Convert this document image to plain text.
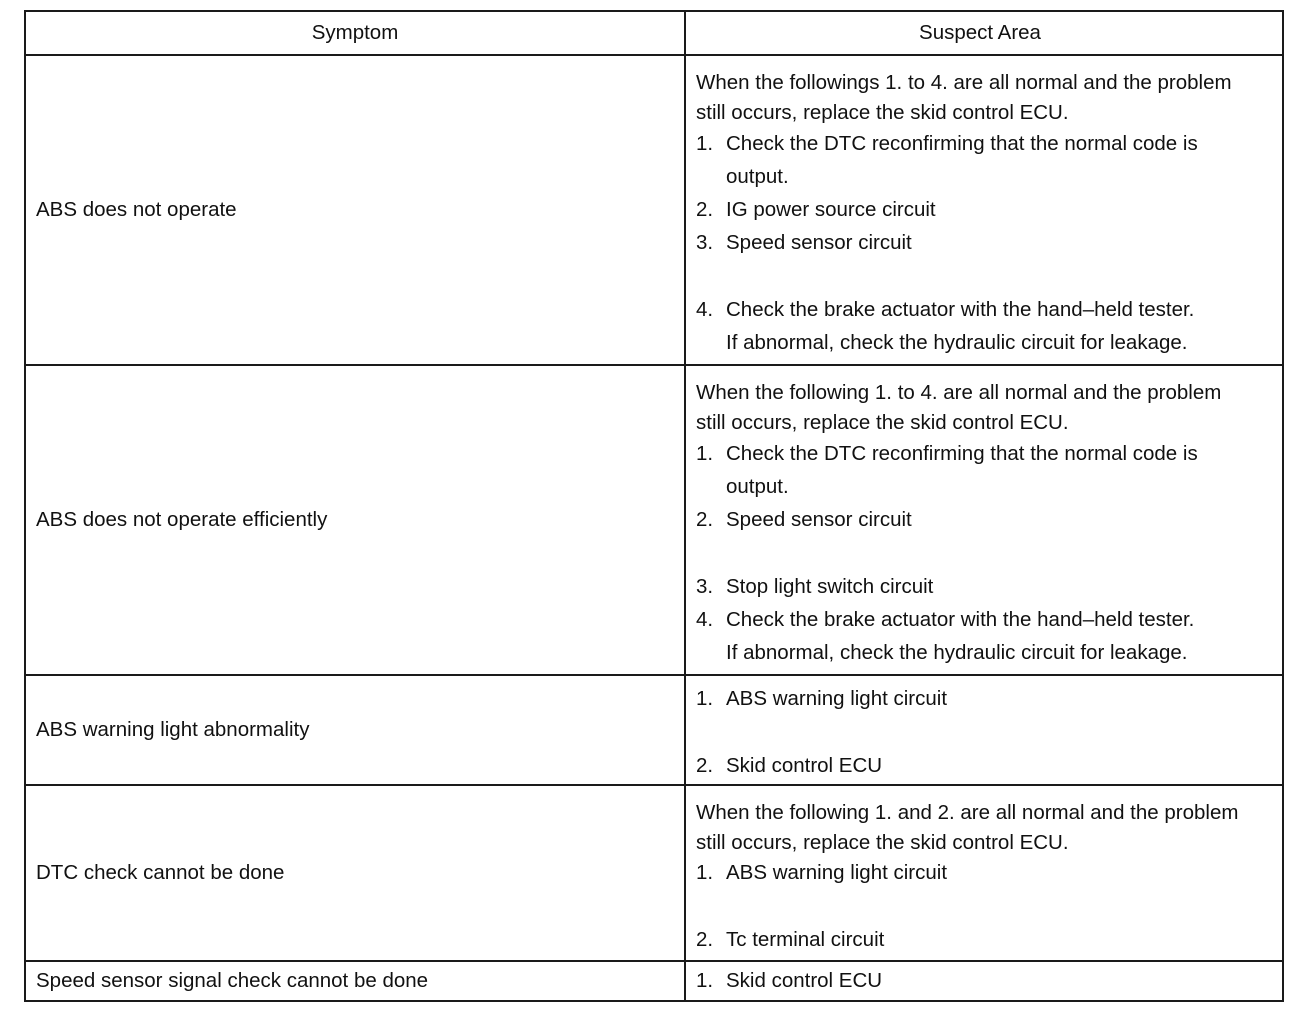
Symptom	Suspect Area
ABS does not operate
When the followings 1. to 4. are all normal and the problem
still occurs, replace the skid control ECU.
1. Check the DTC reconfirming that the normal code is
output.
2. IG power source circuit
3. Speed sensor circuit
4. Check the brake actuator with the hand–held tester.
If abnormal, check the hydraulic circuit for leakage.
ABS does not operate efficiently
When the following 1. to 4. are all normal and the problem
still occurs, replace the skid control ECU.
1. Check the DTC reconfirming that the normal code is
output.
2. Speed sensor circuit
3. Stop light switch circuit
4. Check the brake actuator with the hand–held tester.
If abnormal, check the hydraulic circuit for leakage.
ABS warning light abnormality
1. ABS warning light circuit
2. Skid control ECU
DTC check cannot be done
When the following 1. and 2. are all normal and the problem
still occurs, replace the skid control ECU.
1. ABS warning light circuit
2. Tc terminal circuit
Speed sensor signal check cannot be done	1. Skid control ECU
